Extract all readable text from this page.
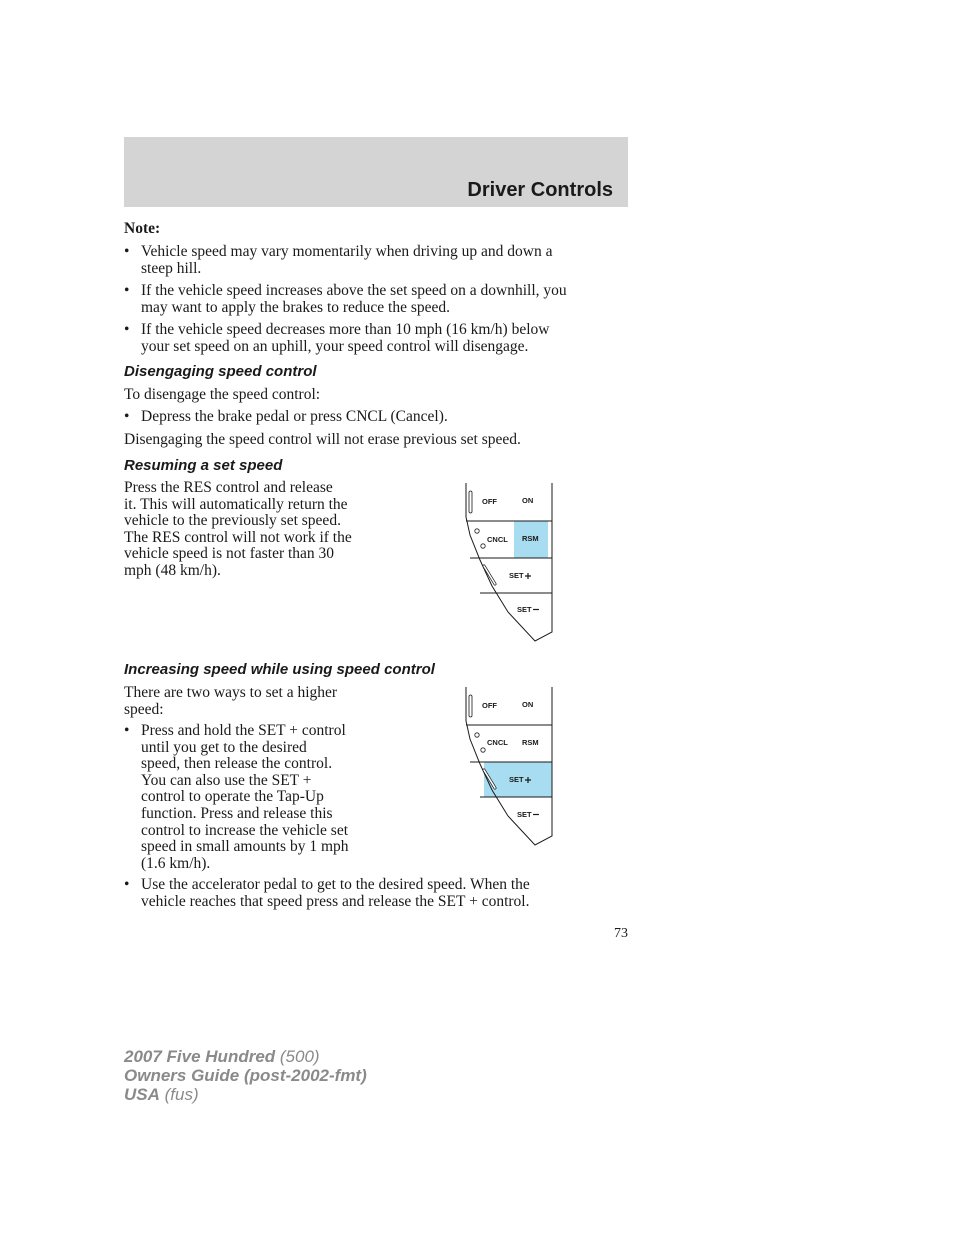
Driver Controls
Note:
• Vehicle speed may vary momentarily when driving up and down a
steep hill.
• If the vehicle speed increases above the set speed on a downhill, you
may want to apply the brakes to reduce the speed.
• If the vehicle speed decreases more than 10 mph (16 km/h) below
your set speed on an uphill, your speed control will disengage.
Disengaging speed control
To disengage the speed control:
• Depress the brake pedal or press CNCL (Cancel).
Disengaging the speed control will not erase previous set speed.
Resuming a set speed
Press the RES control and release
it. This will automatically return the
vehicle to the previously set speed.
The RES control will not work if the
vehicle speed is not faster than 30
mph (48 km/h).
OFF	ON
CNCL RSM
SET
SET
Increasing speed while using speed control
There are two ways to set a higher
speed:
• Press and hold the SET + control
until you get to the desired
speed, then release the control.
You can also use the SET +
control to operate the Tap-Up
function. Press and release this
control to increase the vehicle set
speed in small amounts by 1 mph
(1.6 km/h).
• Use the accelerator pedal to get to the desired speed. When the
vehicle reaches that speed press and release the SET + control.
OFF	ON
CNCL RSM
SET
SET
73
2007 Five Hundred (500)
Owners Guide (post-2002-fmt)
USA (fus)
